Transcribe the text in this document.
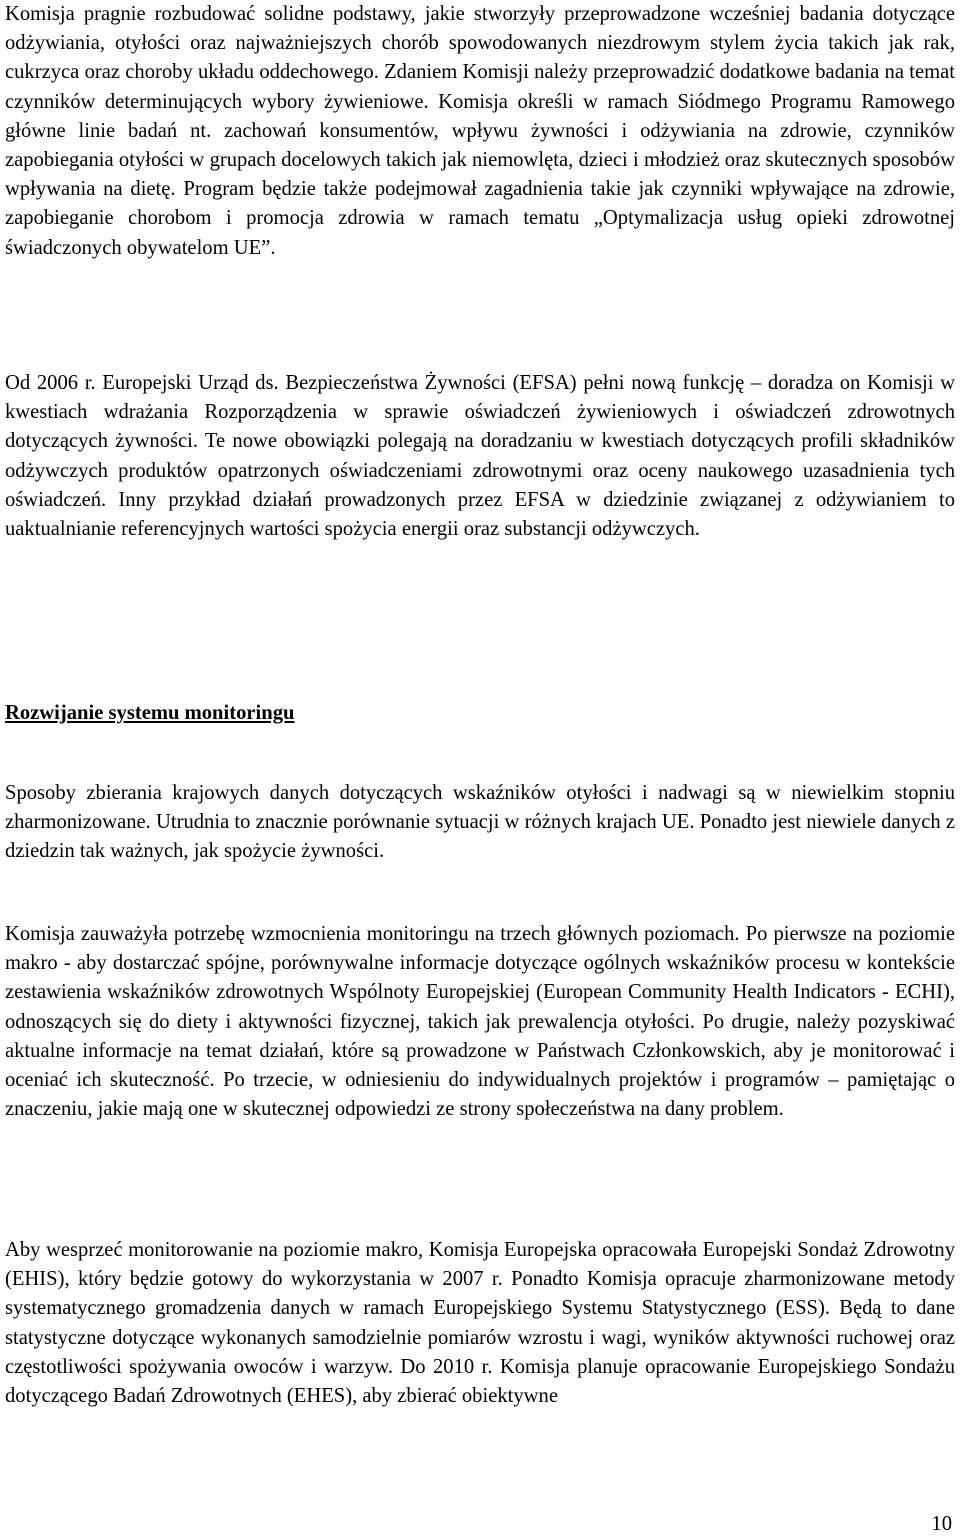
Komisja pragnie rozbudować solidne podstawy, jakie stworzyły przeprowadzone wcześniej badania dotyczące odżywiania, otyłości oraz najważniejszych chorób spowodowanych niezdrowym stylem życia takich jak rak, cukrzyca oraz choroby układu oddechowego. Zdaniem Komisji należy przeprowadzić dodatkowe badania na temat czynników determinujących wybory żywieniowe. Komisja określi w ramach Siódmego Programu Ramowego główne linie badań nt. zachowań konsumentów, wpływu żywności i odżywiania na zdrowie, czynników zapobiegania otyłości w grupach docelowych takich jak niemowlęta, dzieci i młodzież oraz skutecznych sposobów wpływania na dietę. Program będzie także podejmował zagadnienia takie jak czynniki wpływające na zdrowie, zapobieganie chorobom i promocja zdrowia w ramach tematu „Optymalizacja usług opieki zdrowotnej świadczonych obywatelom UE”.

Od 2006 r. Europejski Urząd ds. Bezpieczeństwa Żywności (EFSA) pełni nową funkcję – doradza on Komisji w kwestiach wdrażania Rozporządzenia w sprawie oświadczeń żywieniowych i oświadczeń zdrowotnych dotyczących żywności. Te nowe obowiązki polegają na doradzaniu w kwestiach dotyczących profili składników odżywczych produktów opatrzonych oświadczeniami zdrowotnymi oraz oceny naukowego uzasadnienia tych oświadczeń. Inny przykład działań prowadzonych przez EFSA w dziedzinie związanej z odżywianiem to uaktualnianie referencyjnych wartości spożycia energii oraz substancji odżywczych.

Rozwijanie systemu monitoringu

Sposoby zbierania krajowych danych dotyczących wskaźników otyłości i nadwagi są w niewielkim stopniu zharmonizowane. Utrudnia to znacznie porównanie sytuacji w różnych krajach UE. Ponadto jest niewiele danych z dziedzin tak ważnych, jak spożycie żywności.

Komisja zauważyła potrzebę wzmocnienia monitoringu na trzech głównych poziomach. Po pierwsze na poziomie makro - aby dostarczać spójne, porównywalne informacje dotyczące ogólnych wskaźników procesu w kontekście zestawienia wskaźników zdrowotnych Wspólnoty Europejskiej (European Community Health Indicators - ECHI), odnoszących się do diety i aktywności fizycznej, takich jak prewalencja otyłości. Po drugie, należy pozyskiwać aktualne informacje na temat działań, które są prowadzone w Państwach Członkowskich, aby je monitorować i oceniać ich skuteczność. Po trzecie, w odniesieniu do indywidualnych projektów i programów – pamiętając o znaczeniu, jakie mają one w skutecznej odpowiedzi ze strony społeczeństwa na dany problem.

Aby wesprzeć monitorowanie na poziomie makro, Komisja Europejska opracowała Europejski Sondaż Zdrowotny (EHIS), który będzie gotowy do wykorzystania w 2007 r. Ponadto Komisja opracuje zharmonizowane metody systematycznego gromadzenia danych w ramach Europejskiego Systemu Statystycznego (ESS). Będą to dane statystyczne dotyczące wykonanych samodzielnie pomiarów wzrostu i wagi, wyników aktywności ruchowej oraz częstotliwości spożywania owoców i warzyw. Do 2010 r. Komisja planuje opracowanie Europejskiego Sondażu dotyczącego Badań Zdrowotnych (EHES), aby zbierać obiektywne

10
